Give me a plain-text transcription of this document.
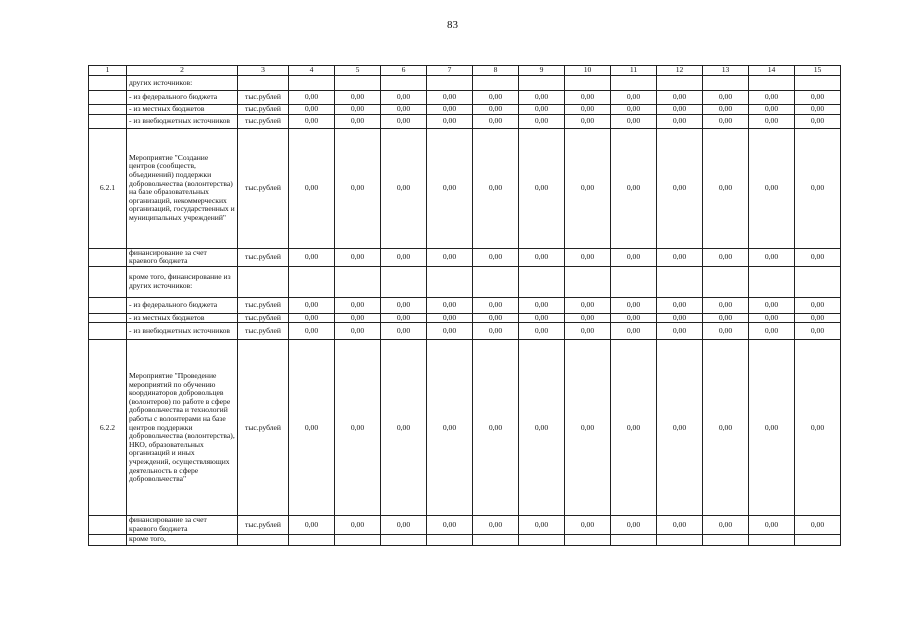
83
1	2	3	4	5	6	7	8	9	10	11	12	13	14	15
	других источников:													
	- из федерального бюджета	тыс.рублей	0,00	0,00	0,00	0,00	0,00	0,00	0,00	0,00	0,00	0,00	0,00	0,00
	- из местных бюджетов	тыс.рублей	0,00	0,00	0,00	0,00	0,00	0,00	0,00	0,00	0,00	0,00	0,00	0,00
	- из внебюджетных источников	тыс.рублей	0,00	0,00	0,00	0,00	0,00	0,00	0,00	0,00	0,00	0,00	0,00	0,00
6.2.1	Мероприятие "Создание центров (сообществ, объединений) поддержки добровольчества (волонтерства) на базе образовательных организаций, некоммерческих организаций, государственных и муниципальных учреждений"	тыс.рублей	0,00	0,00	0,00	0,00	0,00	0,00	0,00	0,00	0,00	0,00	0,00	0,00
	финансирование за счет краевого бюджета	тыс.рублей	0,00	0,00	0,00	0,00	0,00	0,00	0,00	0,00	0,00	0,00	0,00	0,00
	кроме того, финансирование из других источников:													
	- из федерального бюджета	тыс.рублей	0,00	0,00	0,00	0,00	0,00	0,00	0,00	0,00	0,00	0,00	0,00	0,00
	- из местных бюджетов	тыс.рублей	0,00	0,00	0,00	0,00	0,00	0,00	0,00	0,00	0,00	0,00	0,00	0,00
	- из внебюджетных источников	тыс.рублей	0,00	0,00	0,00	0,00	0,00	0,00	0,00	0,00	0,00	0,00	0,00	0,00
6.2.2	Мероприятие "Проведение мероприятий по обучению координаторов добровольцев (волонтеров) по работе в сфере добровольчества и технологий работы с волонтерами на базе центров поддержки добровольчества (волонтерства), НКО, образовательных организаций и иных учреждений, осуществляющих деятельность в сфере добровольчества"	тыс.рублей	0,00	0,00	0,00	0,00	0,00	0,00	0,00	0,00	0,00	0,00	0,00	0,00
	финансирование за счет краевого бюджета	тыс.рублей	0,00	0,00	0,00	0,00	0,00	0,00	0,00	0,00	0,00	0,00	0,00	0,00
	кроме того,													
